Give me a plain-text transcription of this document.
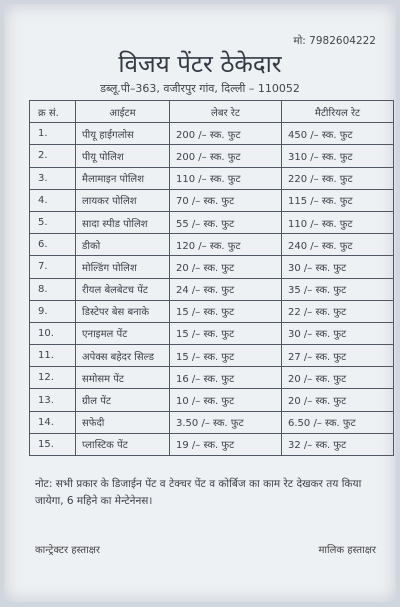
मो: 7982604222
विजय पेंटर ठेकेदार
डब्लू.पी–363, वजीरपुर गांव, दिल्ली – 110052
क्र सं.	आईटम	लेबर रेट	मैटीरियल रेट
1.	पीयू हाईगलोस	200 /– स्क. फुट	450 /– स्क. फुट
2.	पीयू पोलिश	200 /– स्क. फुट	310 /– स्क. फुट
3.	मैलामाइन पोलिश	110 /– स्क. फुट	220 /– स्क. फुट
4.	लायकर पोलिश	70 /– स्क. फुट	115 /– स्क. फुट
5.	सादा स्पीड पोलिश	55 /– स्क. फुट	110 /– स्क. फुट
6.	डीको	120 /– स्क. फुट	240 /– स्क. फुट
7.	मोल्डिंग पोलिश	20 /– स्क. फुट	30 /– स्क. फुट
8.	रीयल बेलबेटच पेंट	24 /– स्क. फुट	35 /– स्क. फुट
9.	डिस्टेपर बेस बनाके	15 /– स्क. फुट	22 /– स्क. फुट
10.	एनाइमल पेंट	15 /– स्क. फुट	30 /– स्क. फुट
11.	अपेक्स बहेदर सिल्ड	15 /– स्क. फुट	27 /– स्क. फुट
12.	समोसम पेंट	16 /– स्क. फुट	20 /– स्क. फुट
13.	ग्रील पेंट	10 /– स्क. फुट	20 /– स्क. फुट
14.	सफेदी	3.50 /– स्क. फुट	6.50 /– स्क. फुट
15.	प्लास्टिक पेंट	19 /– स्क. फुट	32 /– स्क. फुट
नोट: सभी प्रकार के डिजाईन पेंट व टेक्चर पेंट व कोर्बिज का काम रेट देखकर तय किया जायेगा, 6 महिने का मेन्टेनेनस।
कान्ट्रेक्टर हस्ताक्षर	मालिक हस्ताक्षर
